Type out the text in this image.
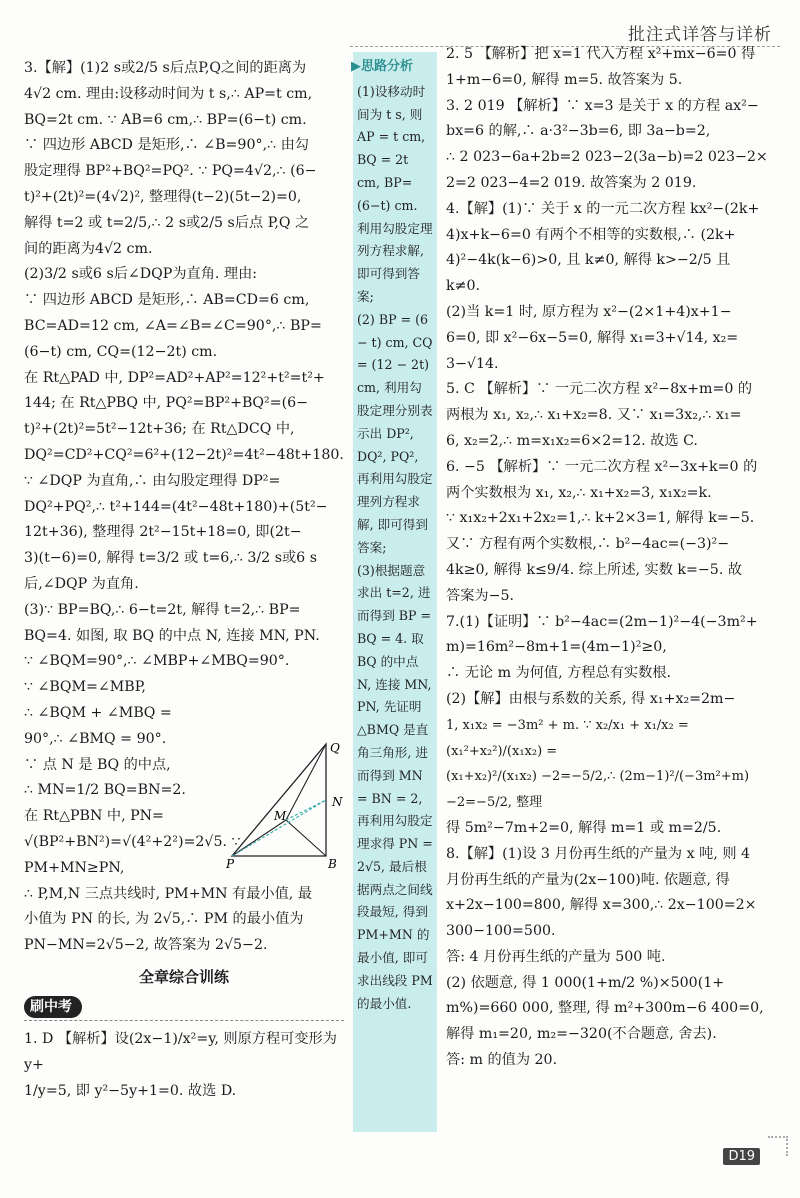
批注式详答与详析

3.【解】(1)2 s或2/5 s后点P,Q之间的距离为

4√2 cm. 理由:设移动时间为 t s,∴ AP=t cm,

BQ=2t cm. ∵ AB=6 cm,∴ BP=(6−t) cm.

∵ 四边形 ABCD 是矩形,∴ ∠B=90°,∴ 由勾

股定理得 BP²+BQ²=PQ². ∵ PQ=4√2,∴ (6−

t)²+(2t)²=(4√2)², 整理得(t−2)(5t−2)=0,

解得 t=2 或 t=2/5,∴ 2 s或2/5 s后点 P,Q 之

间的距离为4√2 cm.

(2)3/2 s或6 s后∠DQP为直角. 理由:

∵ 四边形 ABCD 是矩形,∴ AB=CD=6 cm,

BC=AD=12 cm, ∠A=∠B=∠C=90°,∴ BP=

(6−t) cm, CQ=(12−2t) cm.

在 Rt△PAD 中, DP²=AD²+AP²=12²+t²=t²+

144; 在 Rt△PBQ 中, PQ²=BP²+BQ²=(6−

t)²+(2t)²=5t²−12t+36; 在 Rt△DCQ 中,

DQ²=CD²+CQ²=6²+(12−2t)²=4t²−48t+180.

∵ ∠DQP 为直角,∴ 由勾股定理得 DP²=

DQ²+PQ²,∴ t²+144=(4t²−48t+180)+(5t²−

12t+36), 整理得 2t²−15t+18=0, 即(2t−

3)(t−6)=0, 解得 t=3/2 或 t=6,∴ 3/2 s或6 s

后,∠DQP 为直角.

(3)∵ BP=BQ,∴ 6−t=2t, 解得 t=2,∴ BP=

BQ=4. 如图, 取 BQ 的中点 N, 连接 MN, PN.

∵ ∠BQM=90°,∴ ∠MBP+∠MBQ=90°.

∵ ∠BQM=∠MBP,

∴ ∠BQM + ∠MBQ =

90°,∴ ∠BMQ = 90°.

∵ 点 N 是 BQ 的中点,

∴ MN=1/2 BQ=BN=2.

在 Rt△PBN 中, PN=

√(BP²+BN²)=√(4²+2²)=2√5. ∵ PM+MN≥PN,

∴ P,M,N 三点共线时, PM+MN 有最小值, 最

小值为 PN 的长, 为 2√5,∴ PM 的最小值为

PN−MN=2√5−2, 故答案为 2√5−2.

全章综合训练
刷中考

1. D 【解析】设(2x−1)/x²=y, 则原方程可变形为 y+

1/y=5, 即 y²−5y+1=0. 故选 D.

▶思路分析

(1)设移动时间为 t s, 则 AP = t cm, BQ = 2t cm, BP=(6−t) cm. 利用勾股定理列方程求解, 即可得到答案;

(2) BP = (6 − t) cm, CQ = (12 − 2t) cm, 利用勾股定理分别表示出 DP², DQ², PQ², 再利用勾股定理列方程求解, 即可得到答案;

(3)根据题意求出 t=2, 进而得到 BP = BQ = 4. 取 BQ 的中点 N, 连接 MN, PN, 先证明 △BMQ 是直角三角形, 进而得到 MN = BN = 2, 再利用勾股定理求得 PN = 2√5, 最后根据两点之间线段最短, 得到 PM+MN 的最小值, 即可求出线段 PM 的最小值.

Q
N
M
P	B

2. 5 【解析】把 x=1 代入方程 x²+mx−6=0 得

1+m−6=0, 解得 m=5. 故答案为 5.

3. 2 019 【解析】∵ x=3 是关于 x 的方程 ax²−

bx=6 的解,∴ a·3²−3b=6, 即 3a−b=2,

∴ 2 023−6a+2b=2 023−2(3a−b)=2 023−2×

2=2 023−4=2 019. 故答案为 2 019.

4.【解】(1)∵ 关于 x 的一元二次方程 kx²−(2k+

4)x+k−6=0 有两个不相等的实数根,∴ (2k+

4)²−4k(k−6)>0, 且 k≠0, 解得 k>−2/5 且

k≠0.

(2)当 k=1 时, 原方程为 x²−(2×1+4)x+1−

6=0, 即 x²−6x−5=0, 解得 x₁=3+√14, x₂=

3−√14.

5. C 【解析】∵ 一元二次方程 x²−8x+m=0 的

两根为 x₁, x₂,∴ x₁+x₂=8. 又∵ x₁=3x₂,∴ x₁=

6, x₂=2,∴ m=x₁x₂=6×2=12. 故选 C.

6. −5 【解析】∵ 一元二次方程 x²−3x+k=0 的

两个实数根为 x₁, x₂,∴ x₁+x₂=3, x₁x₂=k.

∵ x₁x₂+2x₁+2x₂=1,∴ k+2×3=1, 解得 k=−5.

又∵ 方程有两个实数根,∴ b²−4ac=(−3)²−

4k≥0, 解得 k≤9/4. 综上所述, 实数 k=−5. 故

答案为−5.

7.(1)【证明】∵ b²−4ac=(2m−1)²−4(−3m²+

m)=16m²−8m+1=(4m−1)²≥0,

∴ 无论 m 为何值, 方程总有实数根.

(2)【解】由根与系数的关系, 得 x₁+x₂=2m−

1, x₁x₂ = −3m² + m. ∵ x₂/x₁ + x₁/x₂ = (x₁²+x₂²)/(x₁x₂) =

(x₁+x₂)²/(x₁x₂) −2=−5/2,∴ (2m−1)²/(−3m²+m) −2=−5/2, 整理

得 5m²−7m+2=0, 解得 m=1 或 m=2/5.

8.【解】(1)设 3 月份再生纸的产量为 x 吨, 则 4

月份再生纸的产量为(2x−100)吨. 依题意, 得

x+2x−100=800, 解得 x=300,∴ 2x−100=2×

300−100=500.

答: 4 月份再生纸的产量为 500 吨.

(2) 依题意, 得 1 000(1+m/2 %)×500(1+

m%)=660 000, 整理, 得 m²+300m−6 400=0,

解得 m₁=20, m₂=−320(不合题意, 舍去).

答: m 的值为 20.

D19
